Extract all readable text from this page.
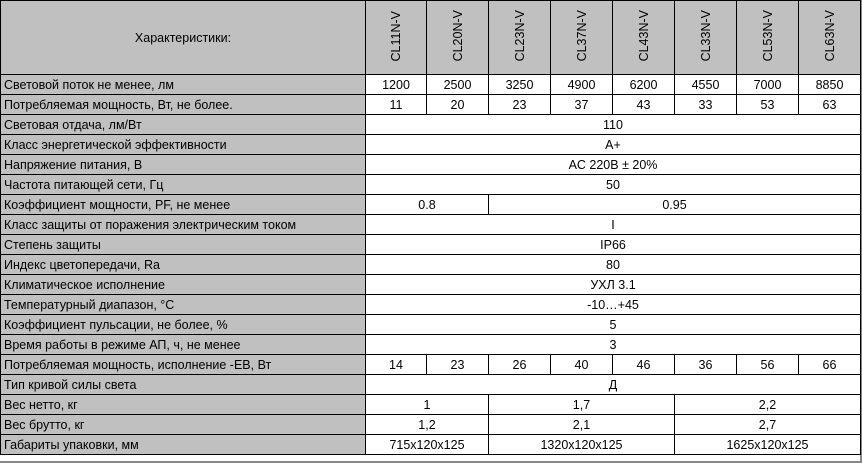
Характеристики:	CL11N-V	CL20N-V	CL23N-V	CL37N-V	CL43N-V	CL33N-V	CL53N-V	CL63N-V
Световой поток не менее, лм	1200	2500	3250	4900	6200	4550	7000	8850
Потребляемая мощность, Вт, не более.	11	20	23	37	43	33	53	63
Световая отдача, лм/Вт	110							
Класс энергетической эффективности	A+							
Напряжение питания, В	AC 220В ± 20%							
Частота питающей сети, Гц	50							
Коэффициент мощности, PF, не менее	0.8		0.95					
Класс защиты от поражения электрическим током	I							
Степень защиты	IP66							
Индекс цветопередачи, Ra	80							
Климатическое исполнение	УХЛ 3.1							
Температурный диапазон, °С	-10…+45							
Коэффициент пульсации, не более, %	5							
Время работы в режиме АП, ч, не менее	3							
Потребляемая мощность, исполнение -EB, Вт	14	23	26	40	46	36	56	66
Тип кривой силы света	Д							
Вес нетто, кг	1		1,7			2,2		
Вес брутто, кг	1,2		2,1			2,7		
Габариты упаковки, мм	715x120x125		1320x120x125			1625x120x125		
